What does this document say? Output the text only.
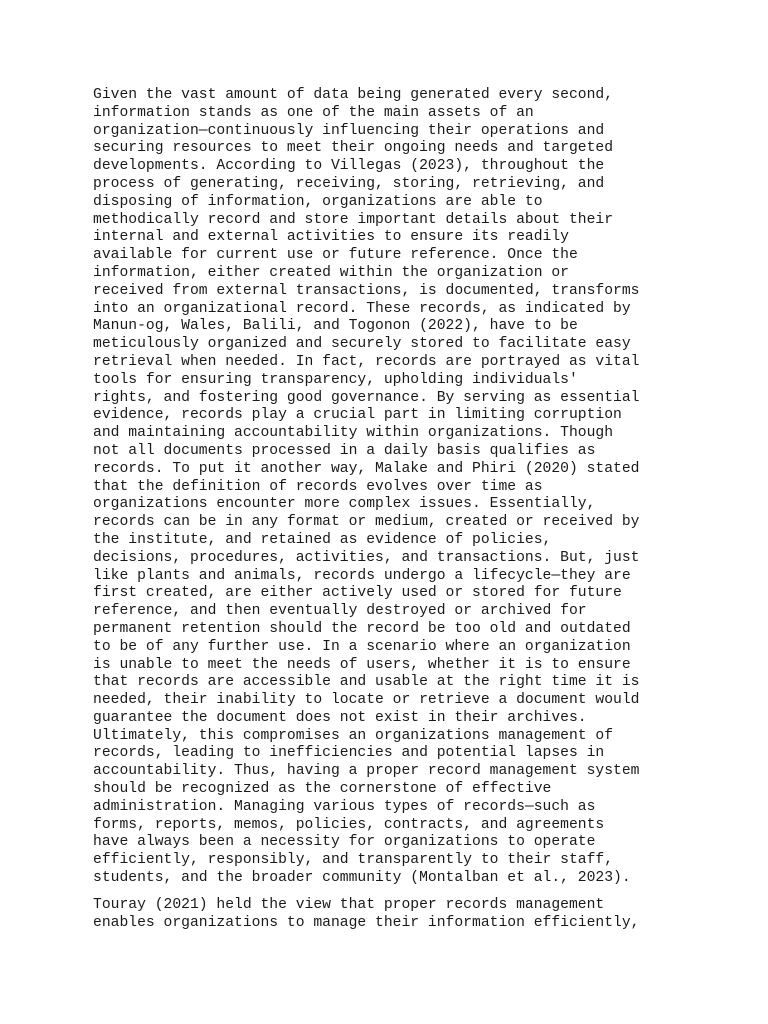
Given the vast amount of data being generated every second,
information stands as one of the main assets of an
organization—continuously influencing their operations and
securing resources to meet their ongoing needs and targeted
developments. According to Villegas (2023), throughout the
process of generating, receiving, storing, retrieving, and
disposing of information, organizations are able to
methodically record and store important details about their
internal and external activities to ensure its readily
available for current use or future reference. Once the
information, either created within the organization or
received from external transactions, is documented, transforms
into an organizational record. These records, as indicated by
Manun-og, Wales, Balili, and Togonon (2022), have to be
meticulously organized and securely stored to facilitate easy
retrieval when needed. In fact, records are portrayed as vital
tools for ensuring transparency, upholding individuals'
rights, and fostering good governance. By serving as essential
evidence, records play a crucial part in limiting corruption
and maintaining accountability within organizations. Though
not all documents processed in a daily basis qualifies as
records. To put it another way, Malake and Phiri (2020) stated
that the definition of records evolves over time as
organizations encounter more complex issues. Essentially,
records can be in any format or medium, created or received by
the institute, and retained as evidence of policies,
decisions, procedures, activities, and transactions. But, just
like plants and animals, records undergo a lifecycle—they are
first created, are either actively used or stored for future
reference, and then eventually destroyed or archived for
permanent retention should the record be too old and outdated
to be of any further use. In a scenario where an organization
is unable to meet the needs of users, whether it is to ensure
that records are accessible and usable at the right time it is
needed, their inability to locate or retrieve a document would
guarantee the document does not exist in their archives.
Ultimately, this compromises an organizations management of
records, leading to inefficiencies and potential lapses in
accountability. Thus, having a proper record management system
should be recognized as the cornerstone of effective
administration. Managing various types of records—such as
forms, reports, memos, policies, contracts, and agreements
have always been a necessity for organizations to operate
efficiently, responsibly, and transparently to their staff,
students, and the broader community (Montalban et al., 2023).

Touray (2021) held the view that proper records management
enables organizations to manage their information efficiently,
